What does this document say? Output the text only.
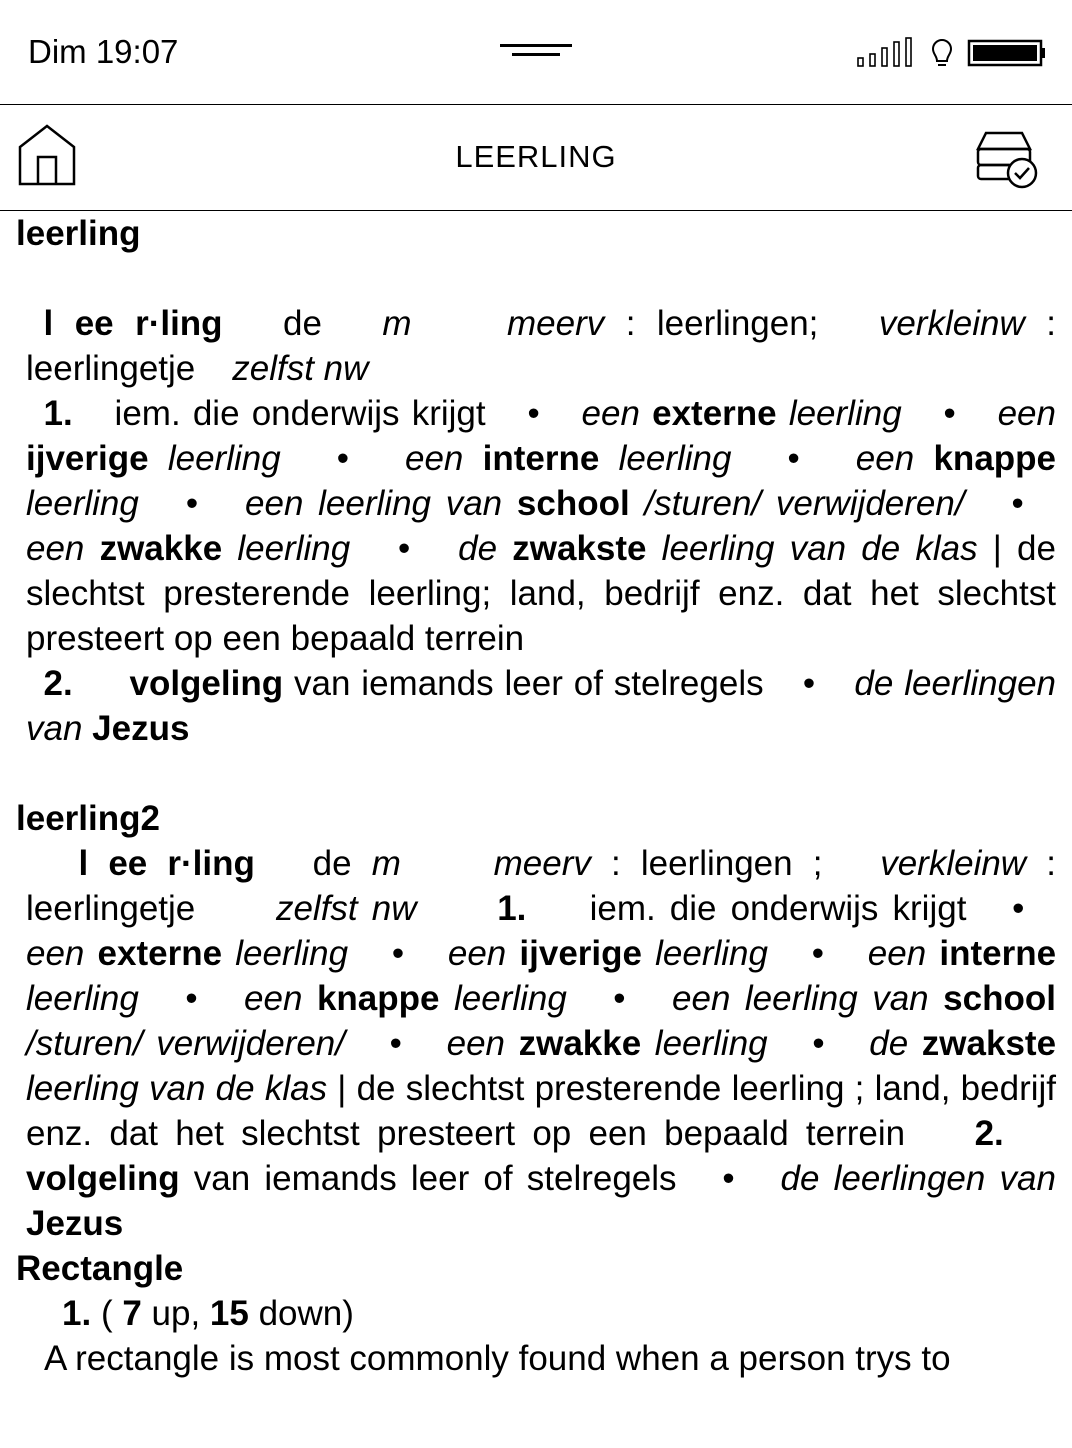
Dim 19:07
LEERLING
leerling
l ee r·ling de m	meerv : leerlingen; verkleinw : leerlingetje zelfst nw
1. iem. die onderwijs krijgt  •  een externe leerling  •  een ijverige leerling  •  een interne leerling  •  een knappe leerling  •  een leerling van school /sturen/ verwijderen/  •  een zwakke leerling  •  de zwakste leerling van de klas | de slechtst presterende leerling; land, bedrijf enz. dat het slechtst presteert op een bepaald terrein
2. volgeling van iemands leer of stelregels  •  de leerlingen van Jezus
leerling2
l ee r·ling de m	meerv : leerlingen ; verkleinw : leerlingetje zelfst nw 1. iem. die onderwijs krijgt  •  een externe leerling  •  een ijverige leerling  •  een interne leerling  •  een knappe leerling  •  een leerling van school /sturen/ verwijderen/  •  een zwakke leerling  •  de zwakste leerling van de klas | de slechtst presterende leerling ; land, bedrijf enz. dat het slechtst presteert op een bepaald terrein 2.  volgeling van iemands leer of stelregels  •  de leerlingen van Jezus
Rectangle
1. ( 7 up, 15 down)
A rectangle is most commonly found when a person trys to
